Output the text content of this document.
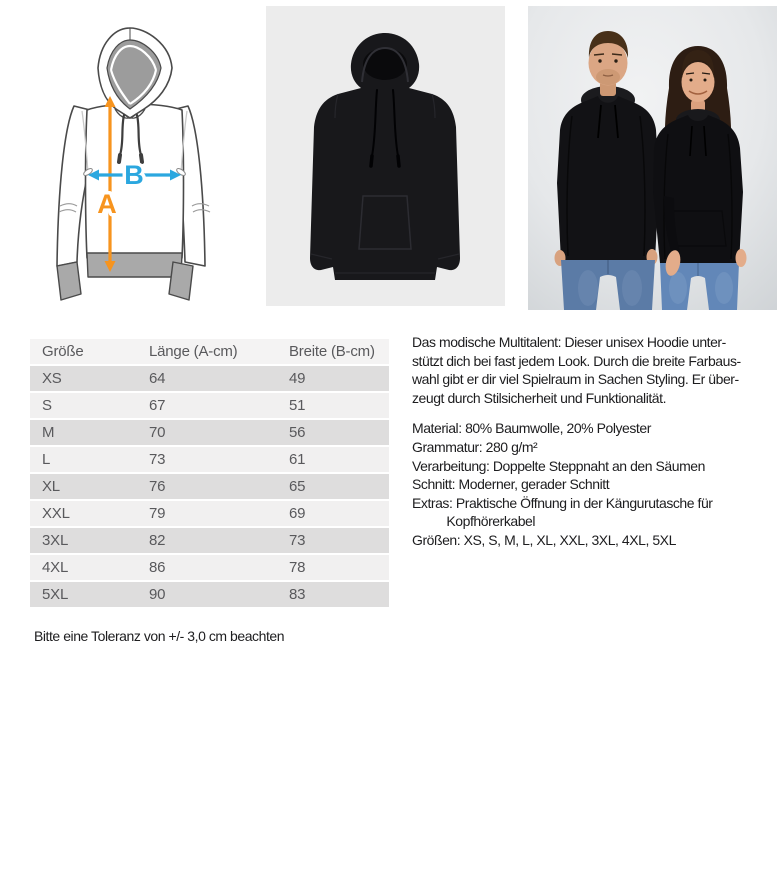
A
B
Größe	Länge (A-cm)	Breite (B-cm)
XS	64	49
S	67	51
M	70	56
L	73	61
XL	76	65
XXL	79	69
3XL	82	73
4XL	86	78
5XL	90	83
Das modische Multitalent: Dieser unisex Hoodie unter-
stützt dich bei fast jedem Look. Durch die breite Farbaus-
wahl gibt er dir viel Spielraum in Sachen Styling. Er über-
zeugt durch Stilsicherheit und Funktionalität.
Material: 80% Baumwolle, 20% Polyester
Grammatur: 280 g/m²
Verarbeitung: Doppelte Steppnaht an den Säumen
Schnitt: Moderner, gerader Schnitt
Extras: Praktische Öffnung in der Kängurutasche für
Kopfhörerkabel
Größen: XS, S, M, L, XL, XXL, 3XL, 4XL, 5XL
Bitte eine Toleranz von +/- 3,0 cm beachten
